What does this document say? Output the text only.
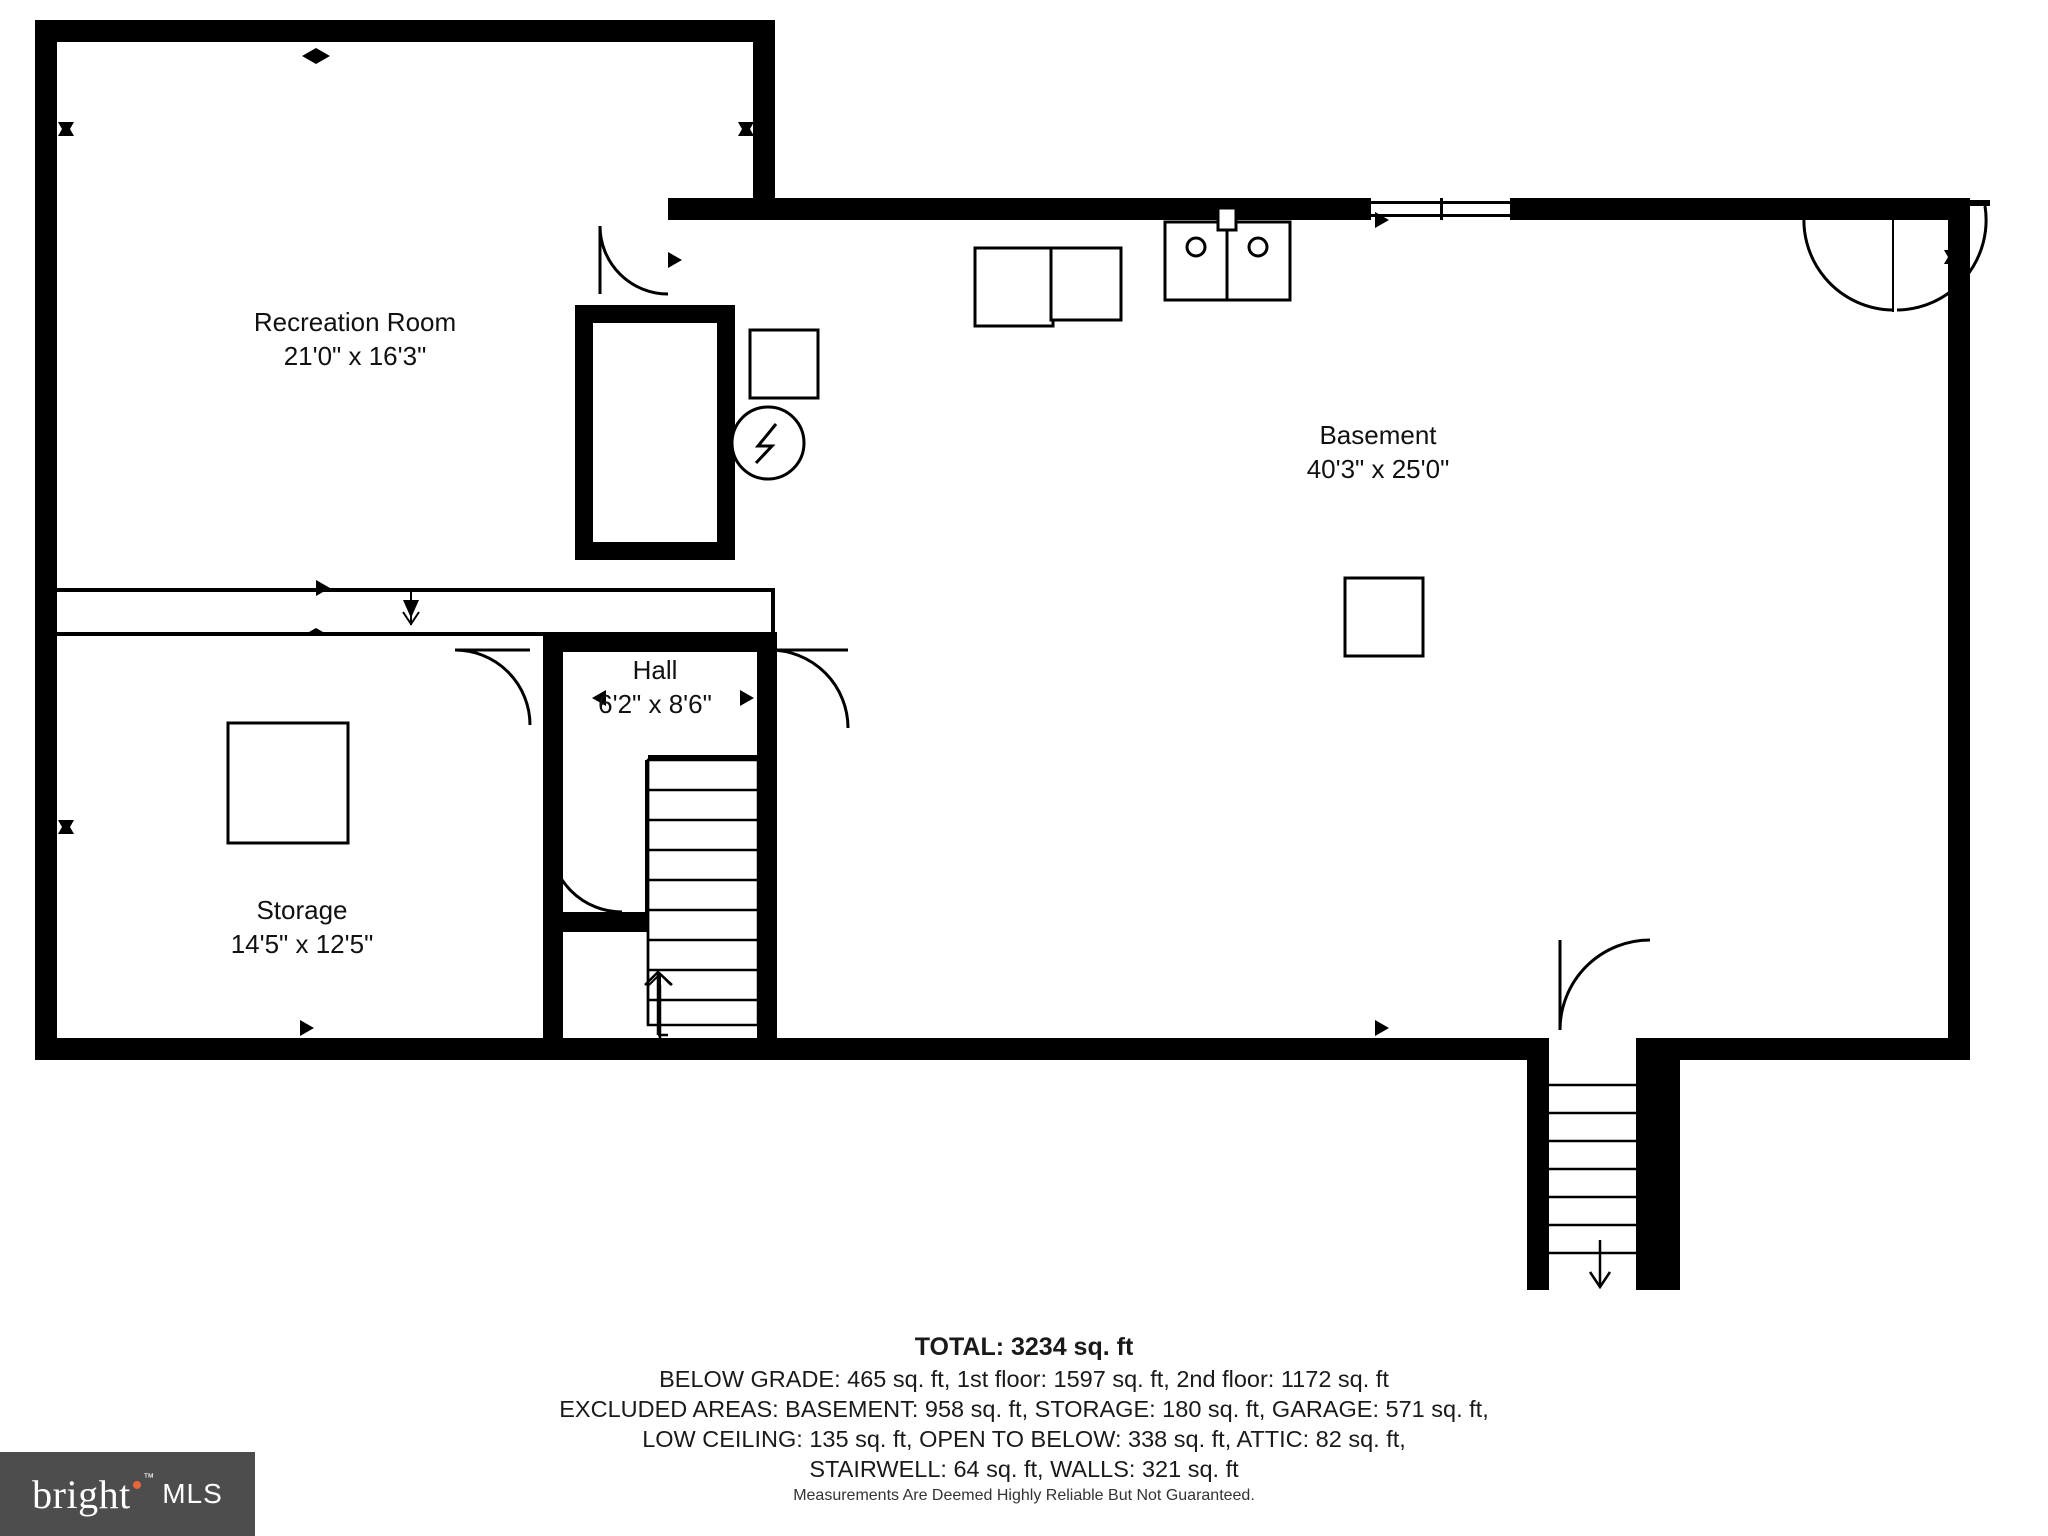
Recreation Room
21'0" x 16'3"
Basement
40'3" x 25'0"
Hall
6'2" x 8'6"
Storage
14'5" x 12'5"
TOTAL: 3234 sq. ft
BELOW GRADE: 465 sq. ft, 1st floor: 1597 sq. ft, 2nd floor: 1172 sq. ft
EXCLUDED AREAS: BASEMENT: 958 sq. ft, STORAGE: 180 sq. ft, GARAGE: 571 sq. ft,
LOW CEILING: 135 sq. ft, OPEN TO BELOW: 338 sq. ft, ATTIC: 82 sq. ft,
STAIRWELL: 64 sq. ft, WALLS: 321 sq. ft
Measurements Are Deemed Highly Reliable But Not Guaranteed.
bright • ™ MLS
